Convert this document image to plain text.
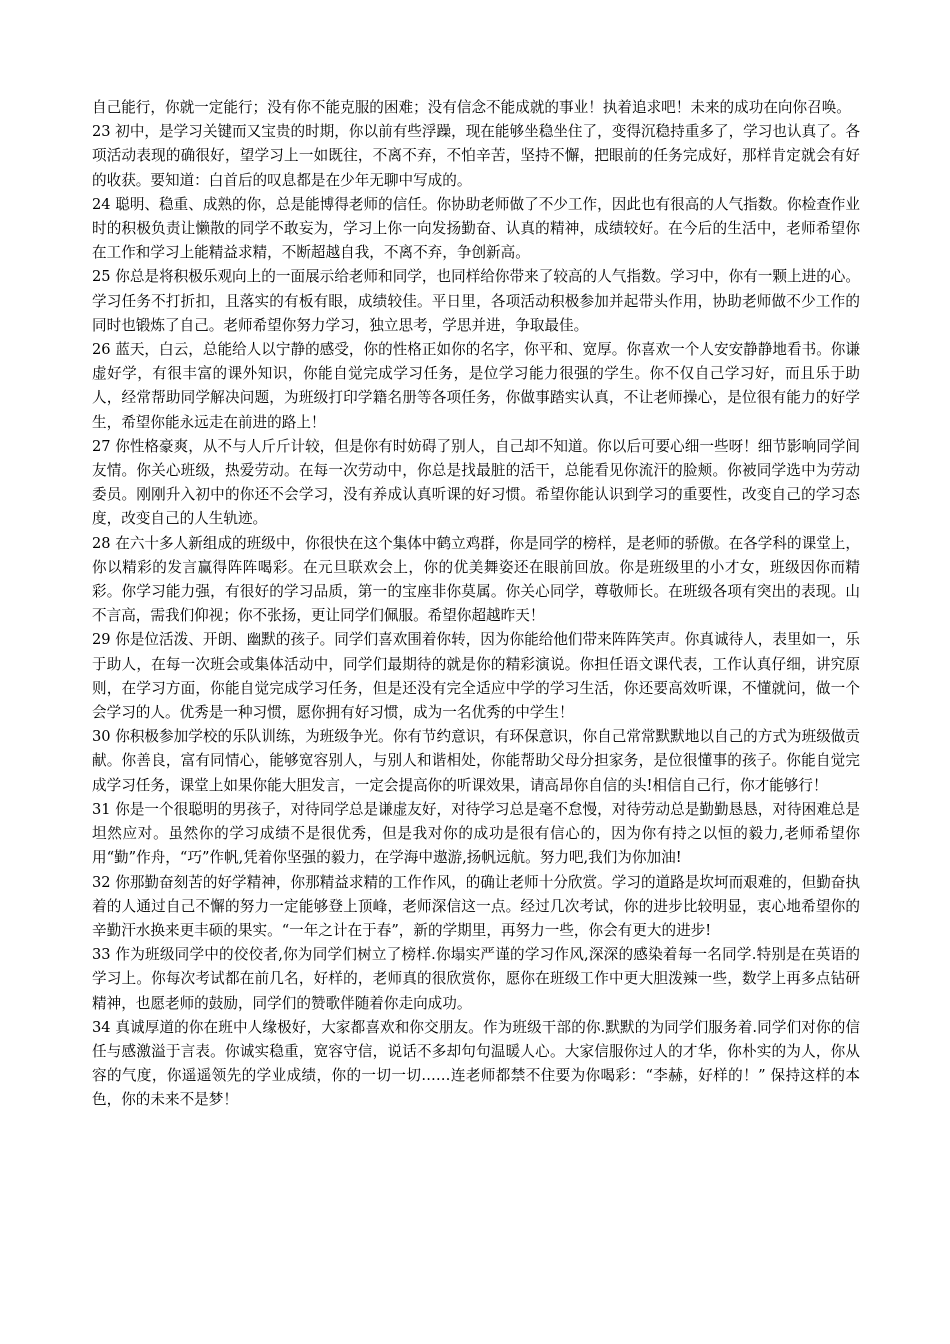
自己能行，你就一定能行；没有你不能克服的困难；没有信念不能成就的事业！执着追求吧！未来的成功在向你召唤。

23 初中，是学习关键而又宝贵的时期，你以前有些浮躁，现在能够坐稳坐住了，变得沉稳持重多了，学习也认真了。各项活动表现的确很好，望学习上一如既往，不离不弃，不怕辛苦，坚持不懈，把眼前的任务完成好，那样肯定就会有好的收获。要知道：白首后的叹息都是在少年无聊中写成的。

24 聪明、稳重、成熟的你，总是能博得老师的信任。你协助老师做了不少工作，因此也有很高的人气指数。你检查作业时的积极负责让懒散的同学不敢妄为，学习上你一向发扬勤奋、认真的精神，成绩较好。在今后的生活中，老师希望你在工作和学习上能精益求精，不断超越自我，不离不弃，争创新高。

25 你总是将积极乐观向上的一面展示给老师和同学，也同样给你带来了较高的人气指数。学习中，你有一颗上进的心。学习任务不打折扣，且落实的有板有眼，成绩较佳。平日里，各项活动积极参加并起带头作用，协助老师做不少工作的同时也锻炼了自己。老师希望你努力学习，独立思考，学思并进，争取最佳。

26 蓝天，白云，总能给人以宁静的感受，你的性格正如你的名字，你平和、宽厚。你喜欢一个人安安静静地看书。你谦虚好学，有很丰富的课外知识，你能自觉完成学习任务，是位学习能力很强的学生。你不仅自己学习好，而且乐于助人，经常帮助同学解决问题，为班级打印学籍名册等各项任务，你做事踏实认真，不让老师操心，是位很有能力的好学生，希望你能永远走在前进的路上！

27 你性格豪爽，从不与人斤斤计较，但是你有时妨碍了别人，自己却不知道。你以后可要心细一些呀！细节影响同学间友情。你关心班级，热爱劳动。在每一次劳动中，你总是找最脏的活干，总能看见你流汗的脸颊。你被同学选中为劳动委员。刚刚升入初中的你还不会学习，没有养成认真听课的好习惯。希望你能认识到学习的重要性，改变自己的学习态度，改变自己的人生轨迹。

28 在六十多人新组成的班级中，你很快在这个集体中鹤立鸡群，你是同学的榜样，是老师的骄傲。在各学科的课堂上，你以精彩的发言赢得阵阵喝彩。在元旦联欢会上，你的优美舞姿还在眼前回放。你是班级里的小才女，班级因你而精彩。你学习能力强，有很好的学习品质，第一的宝座非你莫属。你关心同学，尊敬师长。在班级各项有突出的表现。山不言高，需我们仰视；你不张扬，更让同学们佩服。希望你超越昨天！

29 你是位活泼、开朗、幽默的孩子。同学们喜欢围着你转，因为你能给他们带来阵阵笑声。你真诚待人，表里如一，乐于助人，在每一次班会或集体活动中，同学们最期待的就是你的精彩演说。你担任语文课代表，工作认真仔细，讲究原则，在学习方面，你能自觉完成学习任务，但是还没有完全适应中学的学习生活，你还要高效听课，不懂就问，做一个会学习的人。优秀是一种习惯，愿你拥有好习惯，成为一名优秀的中学生！

30 你积极参加学校的乐队训练，为班级争光。你有节约意识，有环保意识，你自己常常默默地以自己的方式为班级做贡献。你善良，富有同情心，能够宽容别人，与别人和谐相处，你能帮助父母分担家务，是位很懂事的孩子。你能自觉完成学习任务，课堂上如果你能大胆发言，一定会提高你的听课效果，请高昂你自信的头!相信自己行，你才能够行！

31 你是一个很聪明的男孩子，对待同学总是谦虚友好，对待学习总是毫不怠慢，对待劳动总是勤勤恳恳，对待困难总是坦然应对。虽然你的学习成绩不是很优秀，但是我对你的成功是很有信心的，因为你有持之以恒的毅力,老师希望你用“勤”作舟，“巧”作帆,凭着你坚强的毅力，在学海中遨游,扬帆远航。努力吧,我们为你加油!

32 你那勤奋刻苦的好学精神，你那精益求精的工作作风，的确让老师十分欣赏。学习的道路是坎坷而艰难的，但勤奋执着的人通过自己不懈的努力一定能够登上顶峰，老师深信这一点。经过几次考试，你的进步比较明显，衷心地希望你的辛勤汗水换来更丰硕的果实。“一年之计在于春”，新的学期里，再努力一些，你会有更大的进步!

33 作为班级同学中的佼佼者,你为同学们树立了榜样.你塌实严谨的学习作风,深深的感染着每一名同学.特别是在英语的学习上。你每次考试都在前几名，好样的，老师真的很欣赏你，愿你在班级工作中更大胆泼辣一些，数学上再多点钻研精神，也愿老师的鼓励，同学们的赞歌伴随着你走向成功。

34 真诚厚道的你在班中人缘极好，大家都喜欢和你交朋友。作为班级干部的你.默默的为同学们服务着.同学们对你的信任与感激溢于言表。你诚实稳重，宽容守信，说话不多却句句温暖人心。大家信服你过人的才华，你朴实的为人，你从容的气度，你遥遥领先的学业成绩，你的一切一切……连老师都禁不住要为你喝彩：“李赫，好样的！” 保持这样的本色，你的未来不是梦！
